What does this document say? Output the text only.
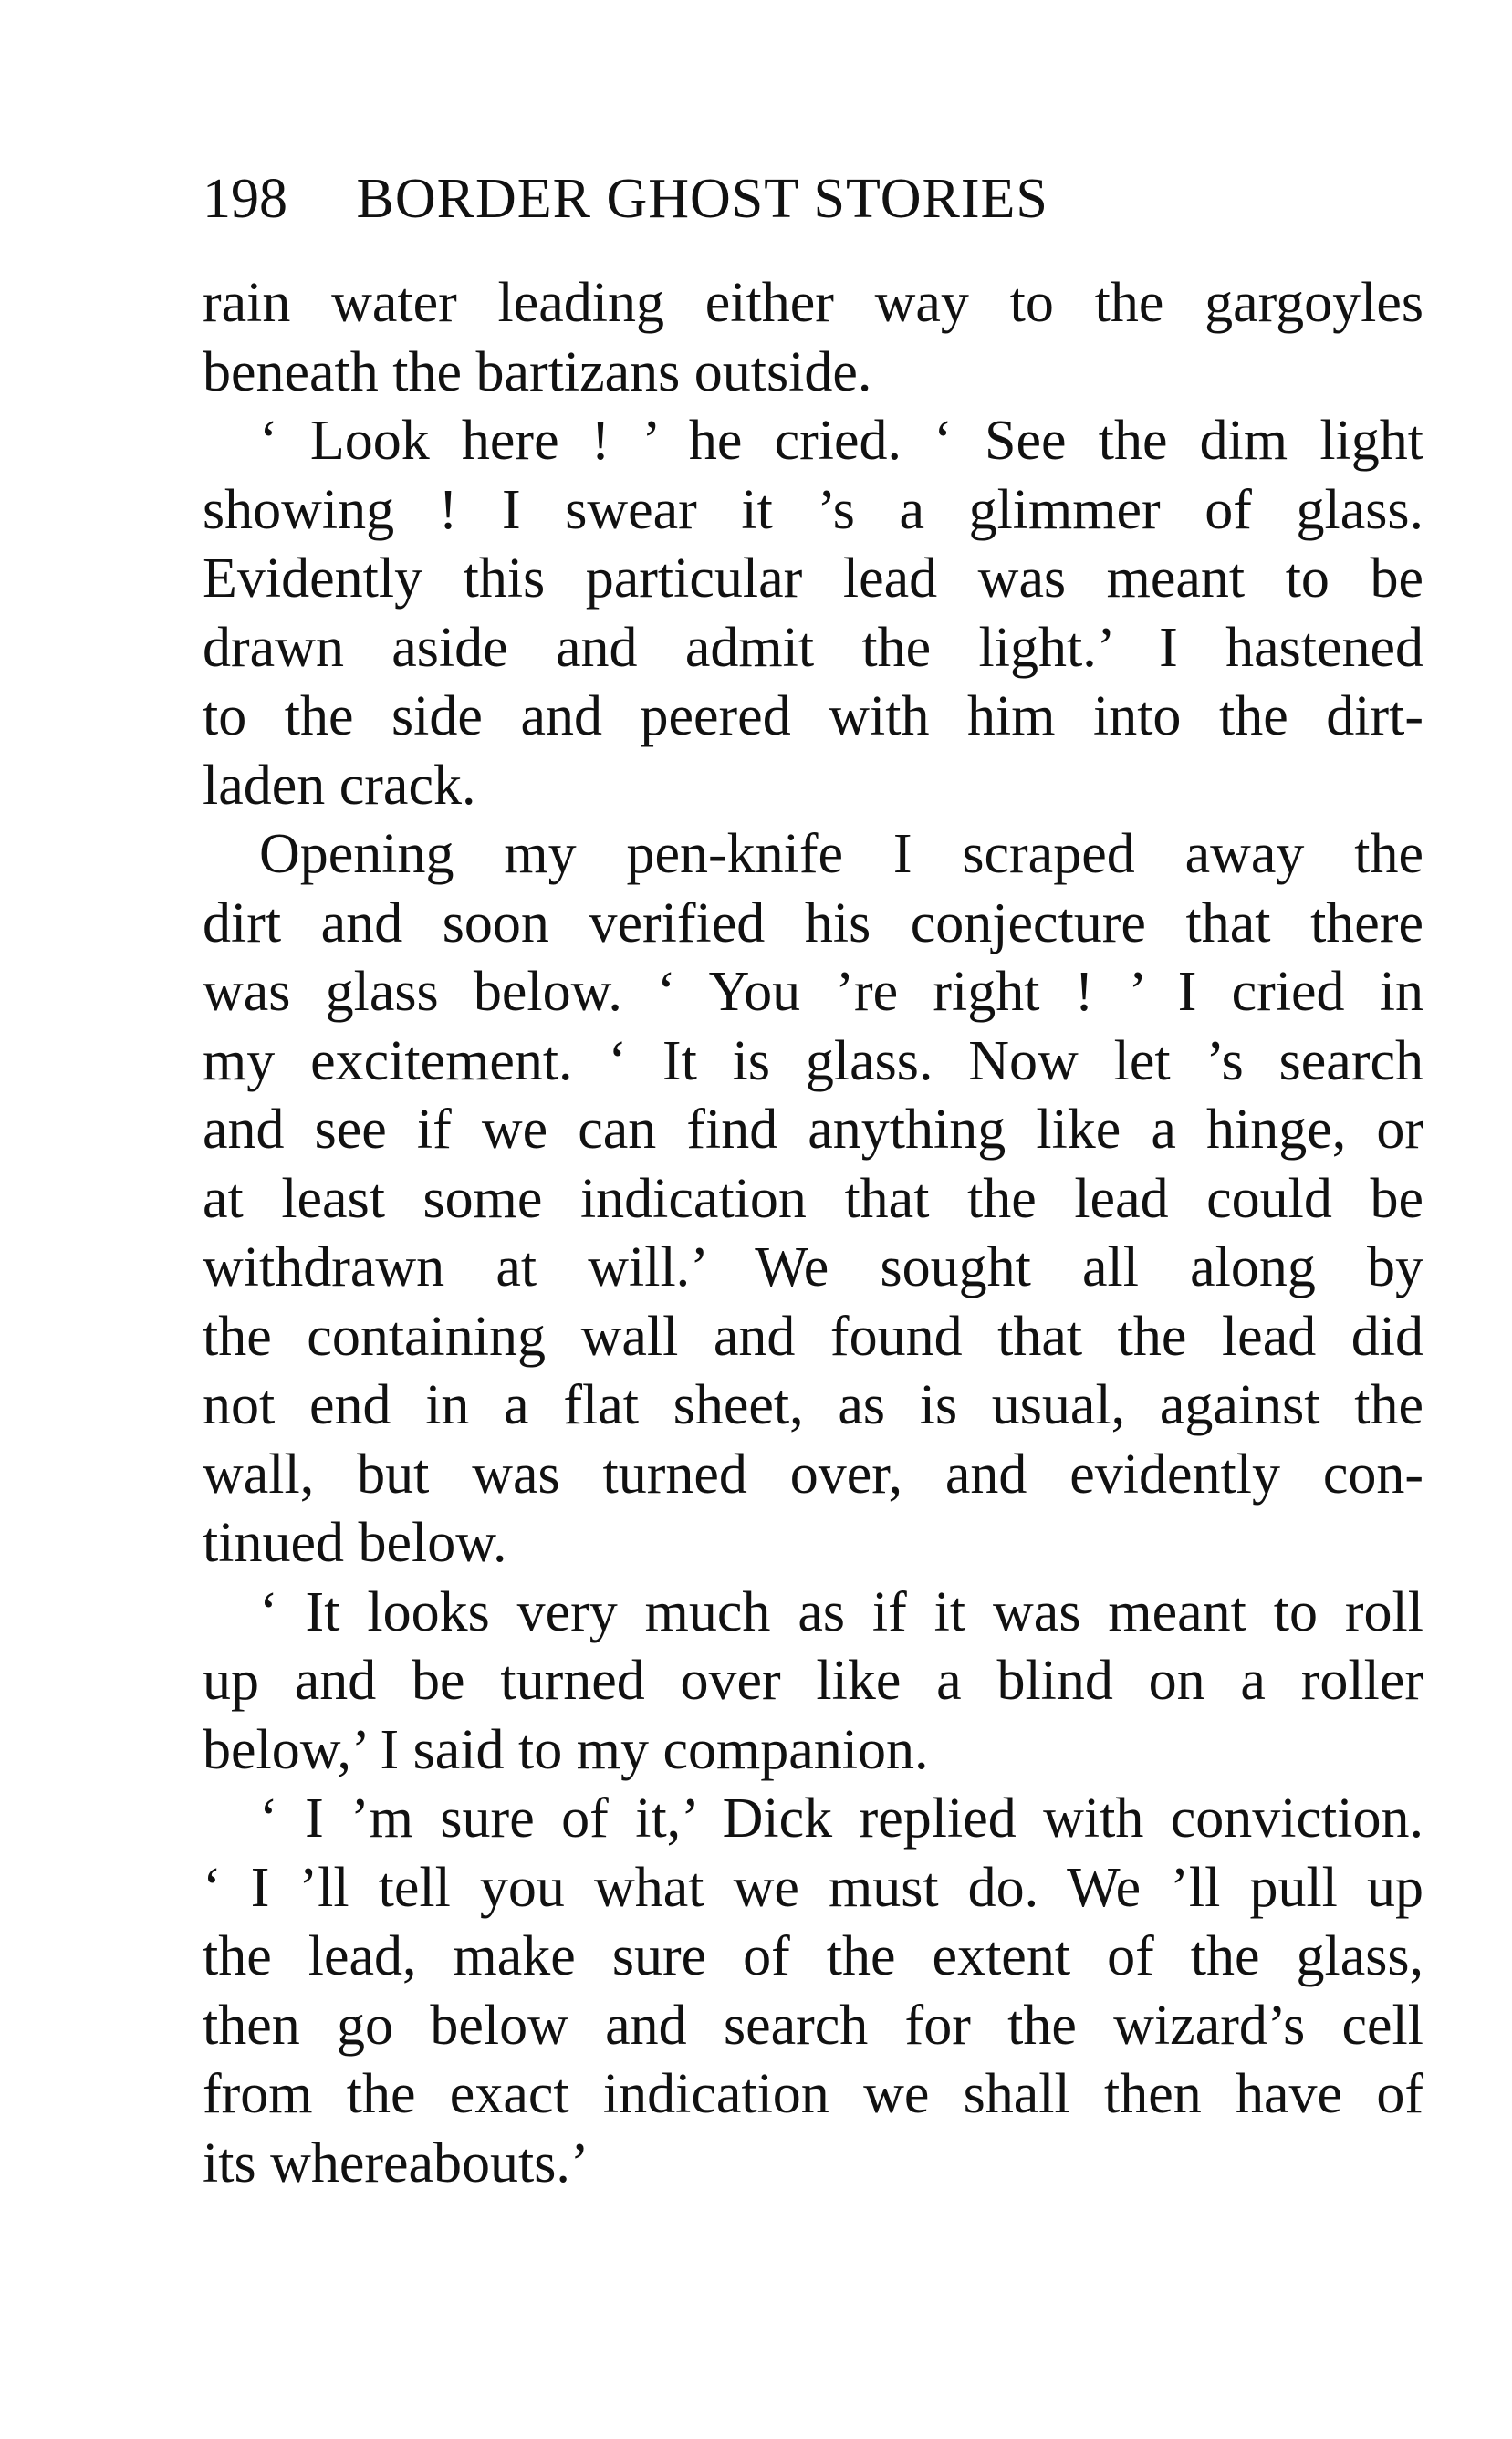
198 BORDER GHOST STORIES
rain water leading either way to the gargoyles
beneath the bartizans outside.
‘ Look here ! ’ he cried. ‘ See the dim light
showing ! I swear it ’s a glimmer of glass.
Evidently this particular lead was meant to be
drawn aside and admit the light.’ I hastened
to the side and peered with him into the dirt-
laden crack.
Opening my pen-knife I scraped away the
dirt and soon verified his conjecture that there
was glass below. ‘ You ’re right ! ’ I cried in
my excitement. ‘ It is glass. Now let ’s search
and see if we can find anything like a hinge, or
at least some indication that the lead could be
withdrawn at will.’ We sought all along by
the containing wall and found that the lead did
not end in a flat sheet, as is usual, against the
wall, but was turned over, and evidently con-
tinued below.
‘ It looks very much as if it was meant to roll
up and be turned over like a blind on a roller
below,’ I said to my companion.
‘ I ’m sure of it,’ Dick replied with conviction.
‘ I ’ll tell you what we must do. We ’ll pull up
the lead, make sure of the extent of the glass,
then go below and search for the wizard’s cell
from the exact indication we shall then have of
its whereabouts.’
